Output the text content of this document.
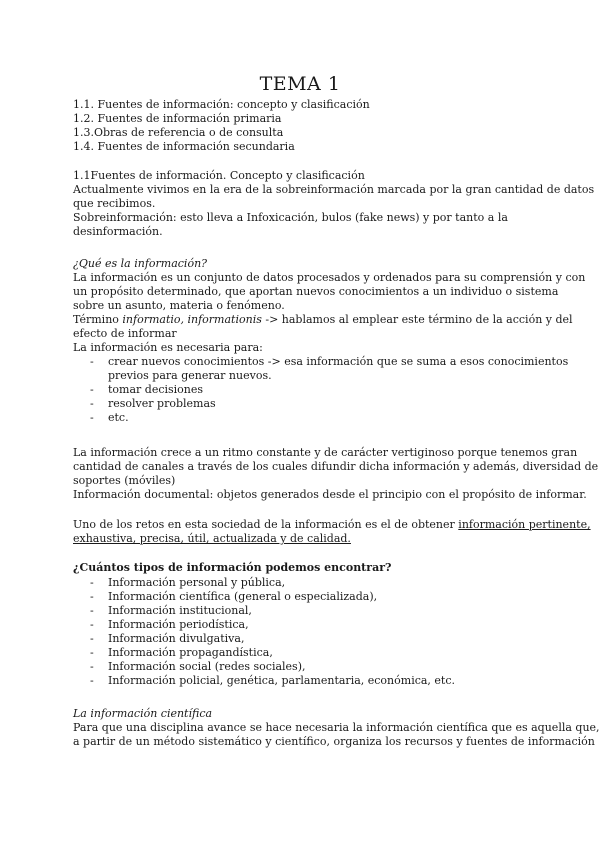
TEMA 1
1.1. Fuentes de información: concepto y clasificación
1.2. Fuentes de información primaria
1.3.Obras de referencia o de consulta
1.4. Fuentes de información secundaria
1.1Fuentes de información. Concepto y clasificación
Actualmente vivimos en la era de la sobreinformación marcada por la gran cantidad de datos
que recibimos.
Sobreinformación: esto lleva a Infoxicación, bulos (fake news) y por tanto a la
desinformación.
¿Qué es la información?
La información es un conjunto de datos procesados y ordenados para su comprensión y con
un propósito determinado, que aportan nuevos conocimientos a un individuo o sistema
sobre un asunto, materia o fenómeno.
Término informatio, informationis -> hablamos al emplear este término de la acción y del
efecto de informar
La información es necesaria para:
- crear nuevos conocimientos -> esa información que se suma a esos conocimientos
previos para generar nuevos.
- tomar decisiones
- resolver problemas
- etc.
La información crece a un ritmo constante y de carácter vertiginoso porque tenemos gran
cantidad de canales a través de los cuales difundir dicha información y además, diversidad de
soportes (móviles)
Información documental: objetos generados desde el principio con el propósito de informar.
Uno de los retos en esta sociedad de la información es el de obtener información pertinente,
exhaustiva, precisa, útil, actualizada y de calidad.
¿Cuántos tipos de información podemos encontrar?
- Información personal y pública,
- Información científica (general o especializada),
- Información institucional,
- Información periodística,
- Información divulgativa,
- Información propagandística,
- Información social (redes sociales),
- Información policial, genética, parlamentaria, económica, etc.
La información científica
Para que una disciplina avance se hace necesaria la información científica que es aquella que,
a partir de un método sistemático y científico, organiza los recursos y fuentes de información
